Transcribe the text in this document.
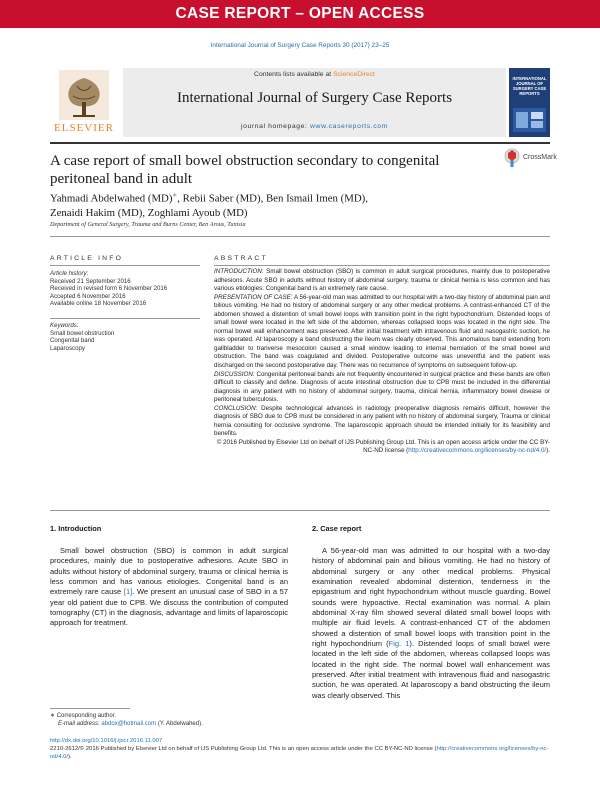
CASE REPORT – OPEN ACCESS
International Journal of Surgery Case Reports 30 (2017) 23–25
ELSEVIER
Contents lists available at ScienceDirect
International Journal of Surgery Case Reports
journal homepage: www.casereports.com
INTERNATIONAL JOURNAL OF SURGERY CASE REPORTS
A case report of small bowel obstruction secondary to congenital peritoneal band in adult
CrossMark
Yahmadi Abdelwahed (MD)∗, Rebii Saber (MD), Ben Ismail Imen (MD),
Zenaidi Hakim (MD), Zoghlami Ayoub (MD)
Department of General Surgery, Trauma and Burns Center, Ben Arous, Tunisia
ARTICLE INFO	ABSTRACT
Article history:
Received 21 September 2016
Received in revised form 6 November 2016
Accepted 6 November 2016
Available online 18 November 2016
Keywords:
Small bowel obstruction
Congenital band
Laparoscopy

INTRODUCTION: Small bowel obstruction (SBO) is common in adult surgical procedures, mainly due to postoperative adhesions. Acute SBO in adults without history of abdominal surgery, trauma or clinical hernia is less common and has various etiologies. Congenital band is an extremely rare cause.

PRESENTATION OF CASE: A 56-year-old man was admitted to our hospital with a two-day history of abdominal pain and bilious vomiting. He had no history of abdominal surgery or any other medical problems. A contrast-enhanced CT of the abdomen showed a distention of small bowel loops with transition point in the right hypochondrium. Distended loops of small bowel were located in the left side of the abdomen, whereas collapsed loops was located in the right side. The normal bowel wall enhancement was preserved. After initial treatment with intravenous fluid and nasogastric suction, he was operated. At laparoscopy a band obstructing the ileum was clearly observed. This anomalous band extending from gallbladder to tranverse mesocolon caused a small window leading to internal herniation of the small bowel and obstruction. The band was coagulated and divided. Postoperative outcome was uneventful and the patient was discharged on the second postoperative day. There was no recurrence of symptoms on subsequent follow-up.

DISCUSSION: Congenital peritoneal bands are not frequently encountered in surgical practice and these bands are often difficult to classify and define. Diagnosis of acute intestinal obstruction due to CPB must be included in the differential diagnosis in any patient with no history of abdominal surgery, trauma, clinical hernia, inflammatory bowel disease or peritoneal tuberculosis.

CONCLUSION: Despite technological advances in radiology preoperative diagnosis remains difficult, however the diagnosis of SBO due to CPB must be considered in any patient with no history of abdominal surgery, Trauma or clinical hernia consulting for occlusive syndrome. The laparoscopic approach should be intended initially for its feasibility and benefits.

© 2016 Published by Elsevier Ltd on behalf of IJS Publishing Group Ltd. This is an open access article under the CC BY-NC-ND license (http://creativecommons.org/licenses/by-nc-nd/4.0/).

1. Introduction

Small bowel obstruction (SBO) is common in adult surgical procedures, mainly due to postoperative adhesions. Acute SBO in adults without history of abdominal surgery, trauma or clinical hernia is less common and has various etiologies. Congenital band is an extremely rare cause [1]. We present an unusual case of SBO in a 57 year old patient due to CPB. We discuss the contribution of computed tomography (CT) in the diagnosis, advantage and limits of laparoscopic approach for treatment.

2. Case report

A 56-year-old man was admitted to our hospital with a two-day history of abdominal pain and bilious vomiting. He had no history of abdominal surgery or any other medical problems. Physical examination revealed abdominal distention, tenderness in the epigastrium and right hypochondrium without muscle guarding. Bowel sounds were hypoactive. Rectal examination was normal. A plain abdominal X-ray film showed several dilated small bowel loops with multiple air fluid levels. A contrast-enhanced CT of the abdomen showed a distention of small bowel loops with transition point in the right hypochondrium (Fig. 1). Distended loops of small bowel were located in the left side of the abdomen, whereas collapsed loops was located in the right side. The normal bowel wall enhancement was preserved. After initial treatment with intravenous fluid and nasogastric suction, he was operated. At laparoscopy a band obstructing the ileum was clearly observed. This

∗ Corresponding author.
E-mail address: abdox@hotmail.com (Y. Abdelwahed).
http://dx.doi.org/10.1016/j.ijscr.2016.11.007
2210-2612/© 2016 Published by Elsevier Ltd on behalf of IJS Publishing Group Ltd. This is an open access article under the CC BY-NC-ND license (http://creativecommons.org/licenses/by-nc-nd/4.0/).
